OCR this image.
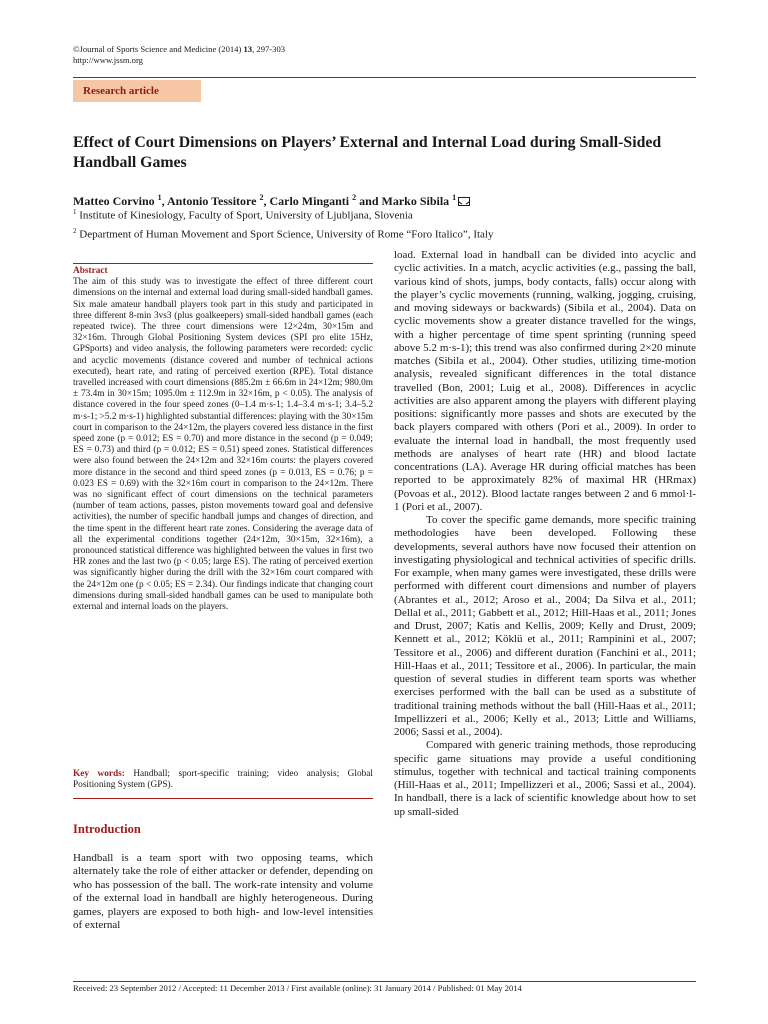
©Journal of Sports Science and Medicine (2014) 13, 297-303
http://www.jssm.org
Research article
Effect of Court Dimensions on Players’ External and Internal Load during Small-Sided Handball Games
Matteo Corvino $^1$, Antonio Tessitore $^2$, Carlo Minganti $^2$ and Marko Sibila $^1$
$^1$ Institute of Kinesiology, Faculty of Sport, University of Ljubljana, Slovenia
$^2$ Department of Human Movement and Sport Science, University of Rome “Foro Italico”, Italy
Abstract
The aim of this study was to investigate the effect of three different court dimensions on the internal and external load during small-sided handball games. Six male amateur handball players took part in this study and participated in three different 8-min 3vs3 (plus goalkeepers) small-sided handball games (each repeated twice). The three court dimensions were 12×24m, 30×15m and 32×16m. Through Global Positioning System devices (SPI pro elite 15Hz, GPSports) and video analysis, the following parameters were recorded: cyclic and acyclic movements (distance covered and number of technical actions executed), heart rate, and rating of perceived exertion (RPE). Total distance travelled increased with court dimensions (885.2m ± 66.6m in 24×12m; 980.0m ± 73.4m in 30×15m; 1095.0m ± 112.9m in 32×16m, p < 0.05). The analysis of distance covered in the four speed zones (0–1.4 m·s-1; 1.4–3.4 m·s-1; 3.4–5.2 m·s-1; >5.2 m·s-1) highlighted substantial differences: playing with the 30×15m court in comparison to the 24×12m, the players covered less distance in the first speed zone (p = 0.012; ES = 0.70) and more distance in the second (p = 0.049; ES = 0.73) and third (p = 0.012; ES = 0.51) speed zones. Statistical differences were also found between the 24×12m and 32×16m courts: the players covered more distance in the second and third speed zones (p = 0.013, ES = 0.76; p = 0.023 ES = 0.69) with the 32×16m court in comparison to the 24×12m. There was no significant effect of court dimensions on the technical parameters (number of team actions, passes, piston movements toward goal and defensive activities), the number of specific handball jumps and changes of direction, and the time spent in the different heart rate zones. Considering the average data of all the experimental conditions together (24×12m, 30×15m, 32×16m), a pronounced statistical difference was highlighted between the values in first two HR zones and the last two (p < 0.05; large ES). The rating of perceived exertion was significantly higher during the drill with the 32×16m court compared with the 24×12m one (p < 0.05; ES = 2.34). Our findings indicate that changing court dimensions during small-sided handball games can be used to manipulate both external and internal loads on the players.
Key words: Handball; sport-specific training; video analysis; Global Positioning System (GPS).
Introduction
Handball is a team sport with two opposing teams, which alternately take the role of either attacker or defender, depending on who has possession of the ball. The work-rate intensity and volume of the external load in handball are highly heterogeneous. During games, players are exposed to both high- and low-level intensities of external

load. External load in handball can be divided into acyclic and cyclic activities. In a match, acyclic activities (e.g., passing the ball, various kind of shots, jumps, body contacts, falls) occur along with the player’s cyclic movements (running, walking, jogging, cruising, and moving sideways or backwards) (Sibila et al., 2004). Data on cyclic movements show a greater distance travelled for the wings, with a higher percentage of time spent sprinting (running speed above 5.2 m·s-1); this trend was also confirmed during 2×20 minute matches (Sibila et al., 2004). Other studies, utilizing time-motion analysis, revealed significant differences in the total distance travelled (Bon, 2001; Luig et al., 2008). Differences in acyclic activities are also apparent among the players with different playing positions: significantly more passes and shots are executed by the back players compared with others (Pori et al., 2009). In order to evaluate the internal load in handball, the most frequently used methods are analyses of heart rate (HR) and blood lactate concentrations (LA). Average HR during official matches has been reported to be approximately 82% of maximal HR (HRmax) (Povoas et al., 2012). Blood lactate ranges between 2 and 6 mmol·l-1 (Pori et al., 2007).

To cover the specific game demands, more specific training methodologies have been developed. Following these developments, several authors have now focused their attention on investigating physiological and technical activities of specific drills. For example, when many games were investigated, these drills were performed with different court dimensions and number of players (Abrantes et al., 2012; Aroso et al., 2004; Da Silva et al., 2011; Dellal et al., 2011; Gabbett et al., 2012; Hill-Haas et al., 2011; Jones and Drust, 2007; Katis and Kellis, 2009; Kelly and Drust, 2009; Kennett et al., 2012; Köklü et al., 2011; Rampinini et al., 2007; Tessitore et al., 2006) and different duration (Fanchini et al., 2011; Hill-Haas et al., 2011; Tessitore et al., 2006). In particular, the main question of several studies in different team sports was whether exercises performed with the ball can be used as a substitute of traditional training methods without the ball (Hill-Haas et al., 2011; Impellizzeri et al., 2006; Kelly et al., 2013; Little and Williams, 2006; Sassi et al., 2004).

Compared with generic training methods, those reproducing specific game situations may provide a useful conditioning stimulus, together with technical and tactical training components (Hill-Haas et al., 2011; Impellizzeri et al., 2006; Sassi et al., 2004). In handball, there is a lack of scientific knowledge about how to set up small-sided

Received: 23 September 2012 / Accepted: 11 December 2013 / First available (online): 31 January 2014 / Published: 01 May 2014
